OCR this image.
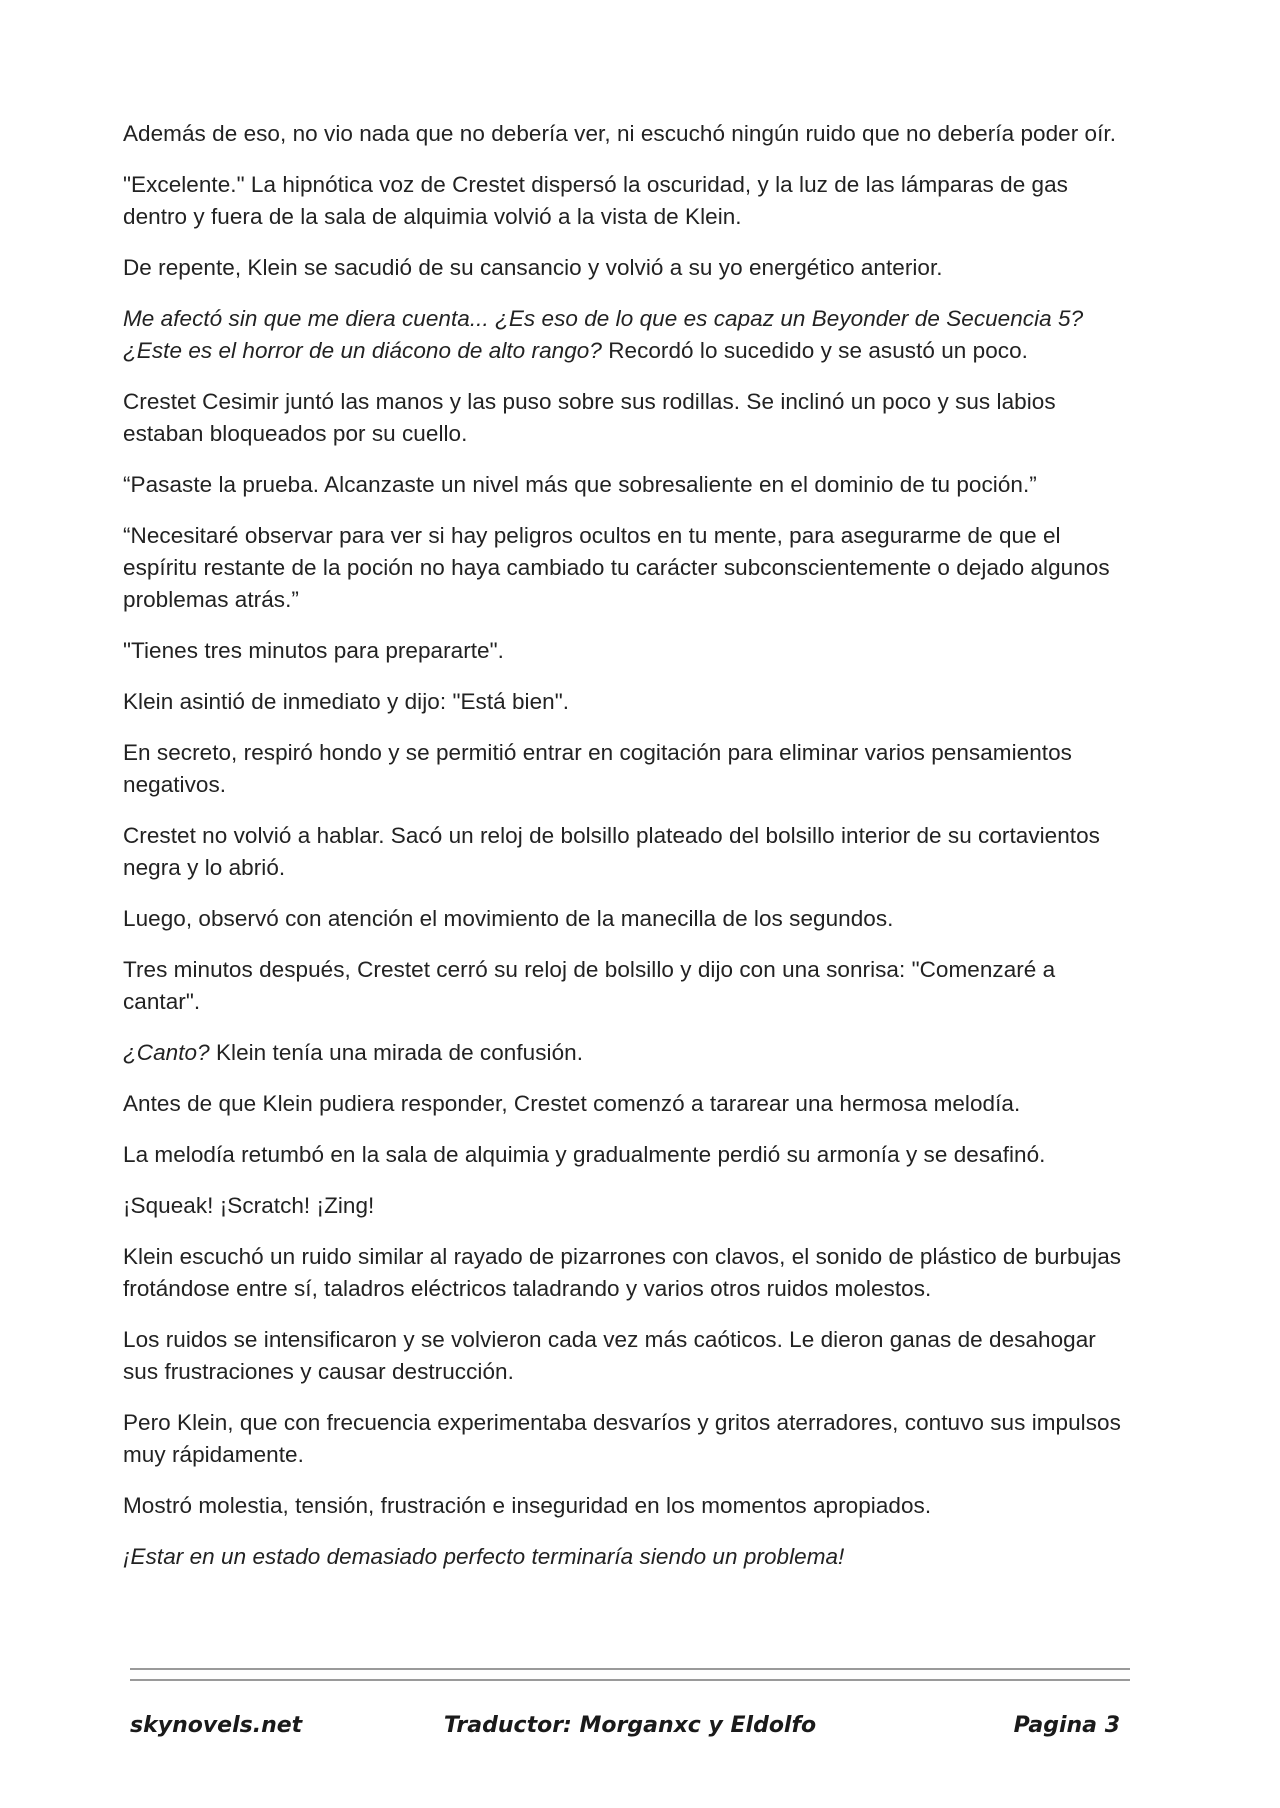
Además de eso, no vio nada que no debería ver, ni escuchó ningún ruido que no debería poder oír.

"Excelente." La hipnótica voz de Crestet dispersó la oscuridad, y la luz de las lámparas de gas dentro y fuera de la sala de alquimia volvió a la vista de Klein.

De repente, Klein se sacudió de su cansancio y volvió a su yo energético anterior.

Me afectó sin que me diera cuenta... ¿Es eso de lo que es capaz un Beyonder de Secuencia 5? ¿Este es el horror de un diácono de alto rango? Recordó lo sucedido y se asustó un poco.

Crestet Cesimir juntó las manos y las puso sobre sus rodillas. Se inclinó un poco y sus labios estaban bloqueados por su cuello.

“Pasaste la prueba. Alcanzaste un nivel más que sobresaliente en el dominio de tu poción.”

“Necesitaré observar para ver si hay peligros ocultos en tu mente, para asegurarme de que el espíritu restante de la poción no haya cambiado tu carácter subconscientemente o dejado algunos problemas atrás.”

"Tienes tres minutos para prepararte".

Klein asintió de inmediato y dijo: "Está bien".

En secreto, respiró hondo y se permitió entrar en cogitación para eliminar varios pensamientos negativos.

Crestet no volvió a hablar. Sacó un reloj de bolsillo plateado del bolsillo interior de su cortavientos negra y lo abrió.

Luego, observó con atención el movimiento de la manecilla de los segundos.

Tres minutos después, Crestet cerró su reloj de bolsillo y dijo con una sonrisa: "Comenzaré a cantar".

¿Canto? Klein tenía una mirada de confusión.

Antes de que Klein pudiera responder, Crestet comenzó a tararear una hermosa melodía.

La melodía retumbó en la sala de alquimia y gradualmente perdió su armonía y se desafinó.

¡Squeak! ¡Scratch! ¡Zing!

Klein escuchó un ruido similar al rayado de pizarrones con clavos, el sonido de plástico de burbujas frotándose entre sí, taladros eléctricos taladrando y varios otros ruidos molestos.

Los ruidos se intensificaron y se volvieron cada vez más caóticos. Le dieron ganas de desahogar sus frustraciones y causar destrucción.

Pero Klein, que con frecuencia experimentaba desvaríos y gritos aterradores, contuvo sus impulsos muy rápidamente.

Mostró molestia, tensión, frustración e inseguridad en los momentos apropiados.

¡Estar en un estado demasiado perfecto terminaría siendo un problema!

skynovels.net	Traductor: Morganxc y Eldolfo	Pagina 3
